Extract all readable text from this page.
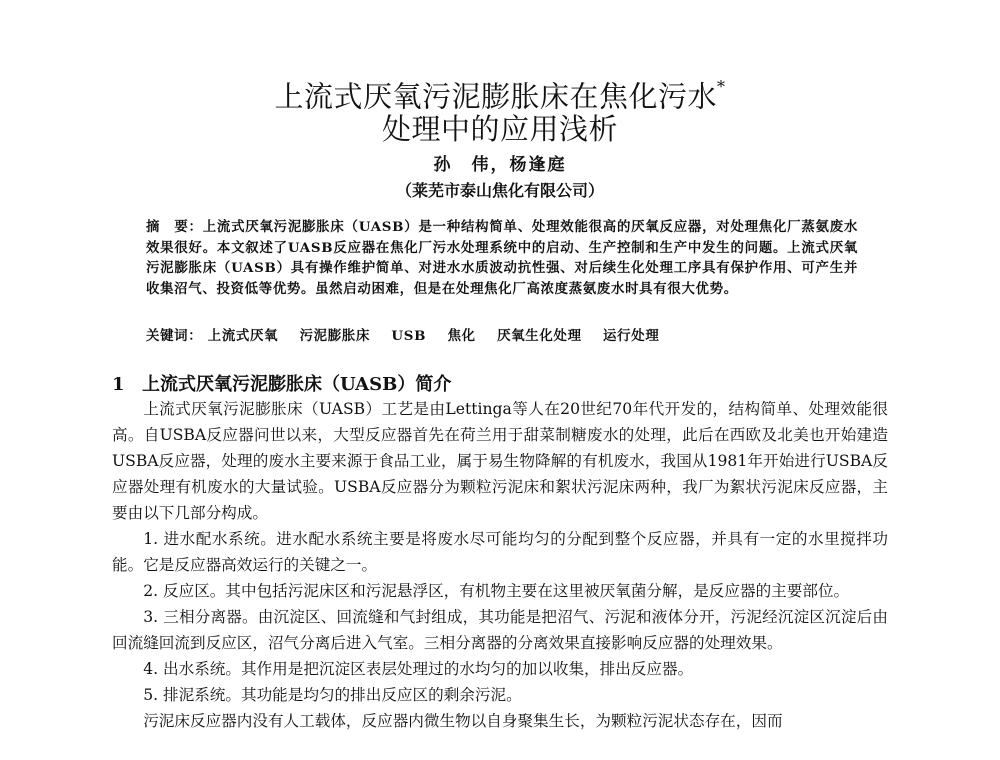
上流式厌氧污泥膨胀床在焦化污水*
处理中的应用浅析
孙　伟，杨逢庭
（莱芜市泰山焦化有限公司）
摘　要：上流式厌氧污泥膨胀床（UASB）是一种结构简单、处理效能很高的厌氧反应器，对处理焦化厂蒸氨废水效果很好。本文叙述了UASB反应器在焦化厂污水处理系统中的启动、生产控制和生产中发生的问题。上流式厌氧污泥膨胀床（UASB）具有操作维护简单、对进水水质波动抗性强、对后续生化处理工序具有保护作用、可产生并收集沼气、投资低等优势。虽然启动困难，但是在处理焦化厂高浓度蒸氨废水时具有很大优势。
关键词： 上流式厌氧 污泥膨胀床 USB 焦化 厌氧生化处理 运行处理
1 上流式厌氧污泥膨胀床（UASB）简介

上流式厌氧污泥膨胀床（UASB）工艺是由Lettinga等人在20世纪70年代开发的，结构简单、处理效能很高。自USBA反应器问世以来，大型反应器首先在荷兰用于甜菜制糖废水的处理，此后在西欧及北美也开始建造USBA反应器，处理的废水主要来源于食品工业，属于易生物降解的有机废水，我国从1981年开始进行USBA反应器处理有机废水的大量试验。USBA反应器分为颗粒污泥床和絮状污泥床两种，我厂为絮状污泥床反应器，主要由以下几部分构成。

1. 进水配水系统。进水配水系统主要是将废水尽可能均匀的分配到整个反应器，并具有一定的水里搅拌功能。它是反应器高效运行的关键之一。

2. 反应区。其中包括污泥床区和污泥悬浮区，有机物主要在这里被厌氧菌分解，是反应器的主要部位。

3. 三相分离器。由沉淀区、回流缝和气封组成，其功能是把沼气、污泥和液体分开，污泥经沉淀区沉淀后由回流缝回流到反应区，沼气分离后进入气室。三相分离器的分离效果直接影响反应器的处理效果。

4. 出水系统。其作用是把沉淀区表层处理过的水均匀的加以收集，排出反应器。

5. 排泥系统。其功能是均匀的排出反应区的剩余污泥。

污泥床反应器内没有人工载体，反应器内微生物以自身聚集生长，为颗粒污泥状态存在，因而
